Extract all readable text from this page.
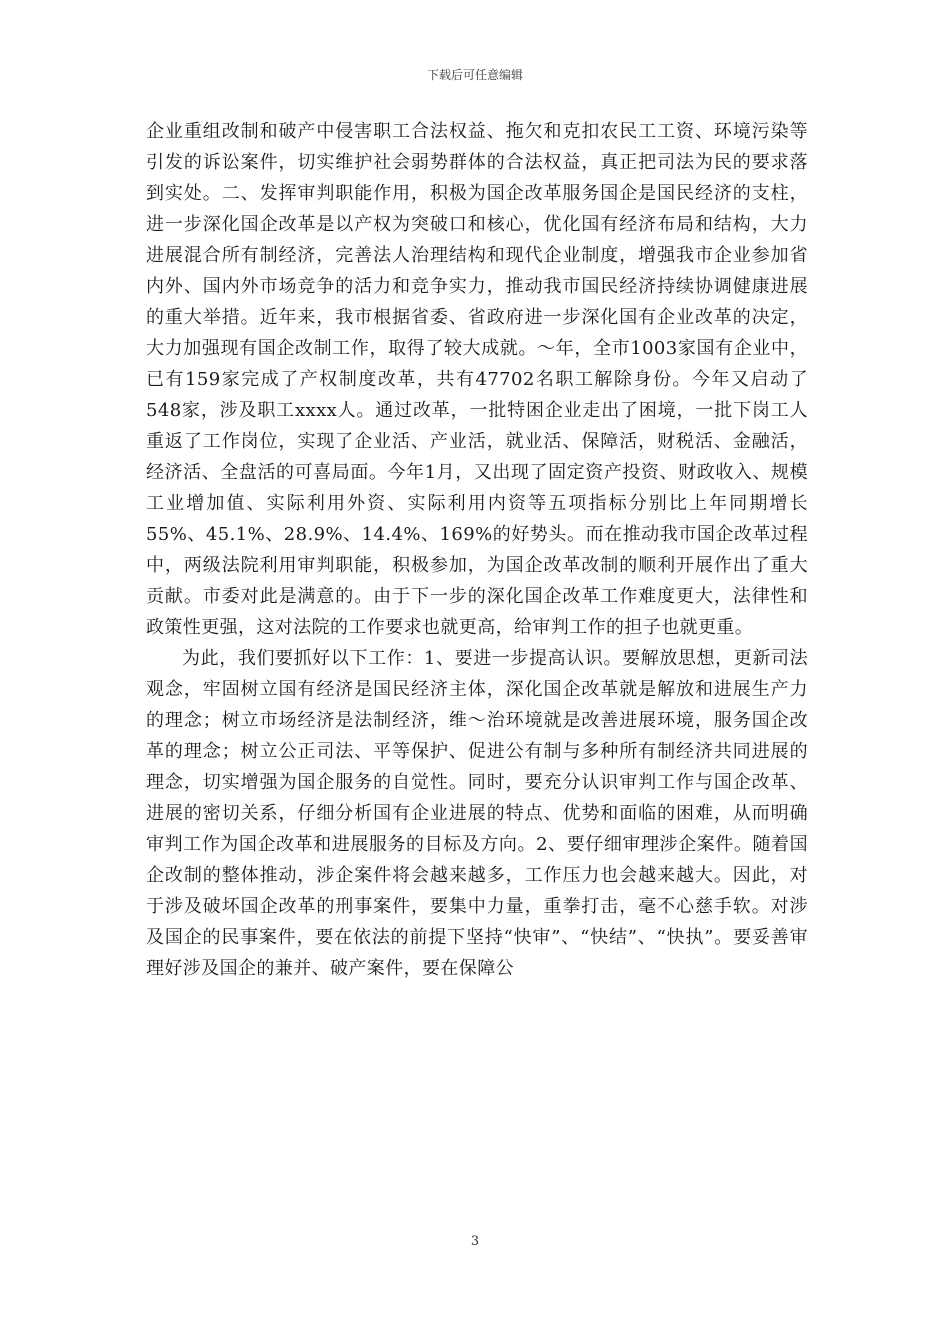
下载后可任意编辑

企业重组改制和破产中侵害职工合法权益、拖欠和克扣农民工工资、环境污染等引发的诉讼案件，切实维护社会弱势群体的合法权益，真正把司法为民的要求落到实处。二、发挥审判职能作用，积极为国企改革服务国企是国民经济的支柱，进一步深化国企改革是以产权为突破口和核心，优化国有经济布局和结构，大力进展混合所有制经济，完善法人治理结构和现代企业制度，增强我市企业参加省内外、国内外市场竞争的活力和竞争实力，推动我市国民经济持续协调健康进展的重大举措。近年来，我市根据省委、省政府进一步深化国有企业改革的决定，大力加强现有国企改制工作，取得了较大成就。～年，全市1003家国有企业中，已有159家完成了产权制度改革，共有47702名职工解除身份。今年又启动了548家，涉及职工xxxx人。通过改革，一批特困企业走出了困境，一批下岗工人重返了工作岗位，实现了企业活、产业活，就业活、保障活，财税活、金融活，经济活、全盘活的可喜局面。今年1月，又出现了固定资产投资、财政收入、规模工业增加值、实际利用外资、实际利用内资等五项指标分别比上年同期增长55%、45.1%、28.9%、14.4%、169%的好势头。而在推动我市国企改革过程中，两级法院利用审判职能，积极参加，为国企改革改制的顺利开展作出了重大贡献。市委对此是满意的。由于下一步的深化国企改革工作难度更大，法律性和政策性更强，这对法院的工作要求也就更高，给审判工作的担子也就更重。

为此，我们要抓好以下工作：1、要进一步提高认识。要解放思想，更新司法观念，牢固树立国有经济是国民经济主体，深化国企改革就是解放和进展生产力的理念；树立市场经济是法制经济，维～治环境就是改善进展环境，服务国企改革的理念；树立公正司法、平等保护、促进公有制与多种所有制经济共同进展的理念，切实增强为国企服务的自觉性。同时，要充分认识审判工作与国企改革、进展的密切关系，仔细分析国有企业进展的特点、优势和面临的困难，从而明确审判工作为国企改革和进展服务的目标及方向。2、要仔细审理涉企案件。随着国企改制的整体推动，涉企案件将会越来越多，工作压力也会越来越大。因此，对于涉及破坏国企改革的刑事案件，要集中力量，重拳打击，毫不心慈手软。对涉及国企的民事案件，要在依法的前提下坚持“快审”、“快结”、“快执”。要妥善审理好涉及国企的兼并、破产案件，要在保障公

3
